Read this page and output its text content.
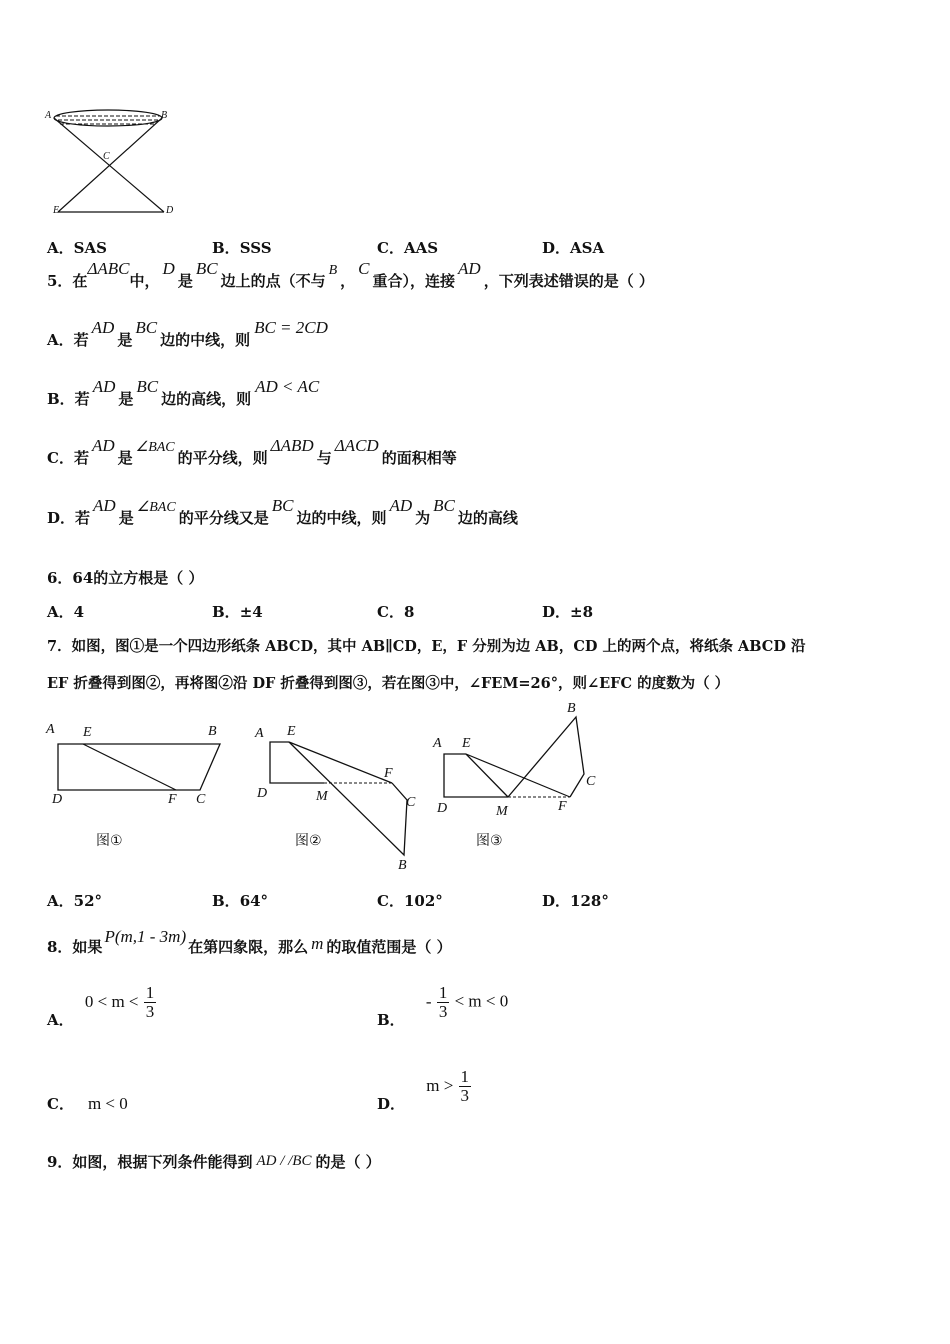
A	B
C
E	D
A．SAS	B．SSS	C．AAS	D．ASA
5．在ΔABC中，D是BC边上的点（不与B，C重合），连接AD，下列表述错误的是（ ）
A．若AD是BC边的中线，则BC = 2CD
B．若AD是BC边的高线，则AD < AC
C．若AD是∠BAC的平分线，则ΔABD与ΔACD的面积相等
D．若AD是∠BAC的平分线又是BC边的中线，则AD为BC边的高线
6．64的立方根是（ ）
A．4	B．±4	C．8	D．±8
7．如图，图①是一个四边形纸条 ABCD，其中 AB∥CD，E，F 分别为边 AB，CD 上的两个点，将纸条 ABCD 沿
EF 折叠得到图②，再将图②沿 DF 折叠得到图③，若在图③中，∠FEM=26°，则∠EFC 的度数为（ ）
A E	B
D	F C
图①
A E
F
D	M	C
B
图②
A E
B
C
D	M	F
图③
A．52°	B．64°	C．102°	D．128°
8．如果P(m,1 - 3m)在第四象限，那么 m 的取值范围是（ ）
A． $0 < m < \frac{1}{3}$	B． - $\frac{1}{3} < m < 0$
C． m < 0	D． $m > \frac{1}{3}$
9．如图，根据下列条件能得到 AD / /BC 的是（ ）
